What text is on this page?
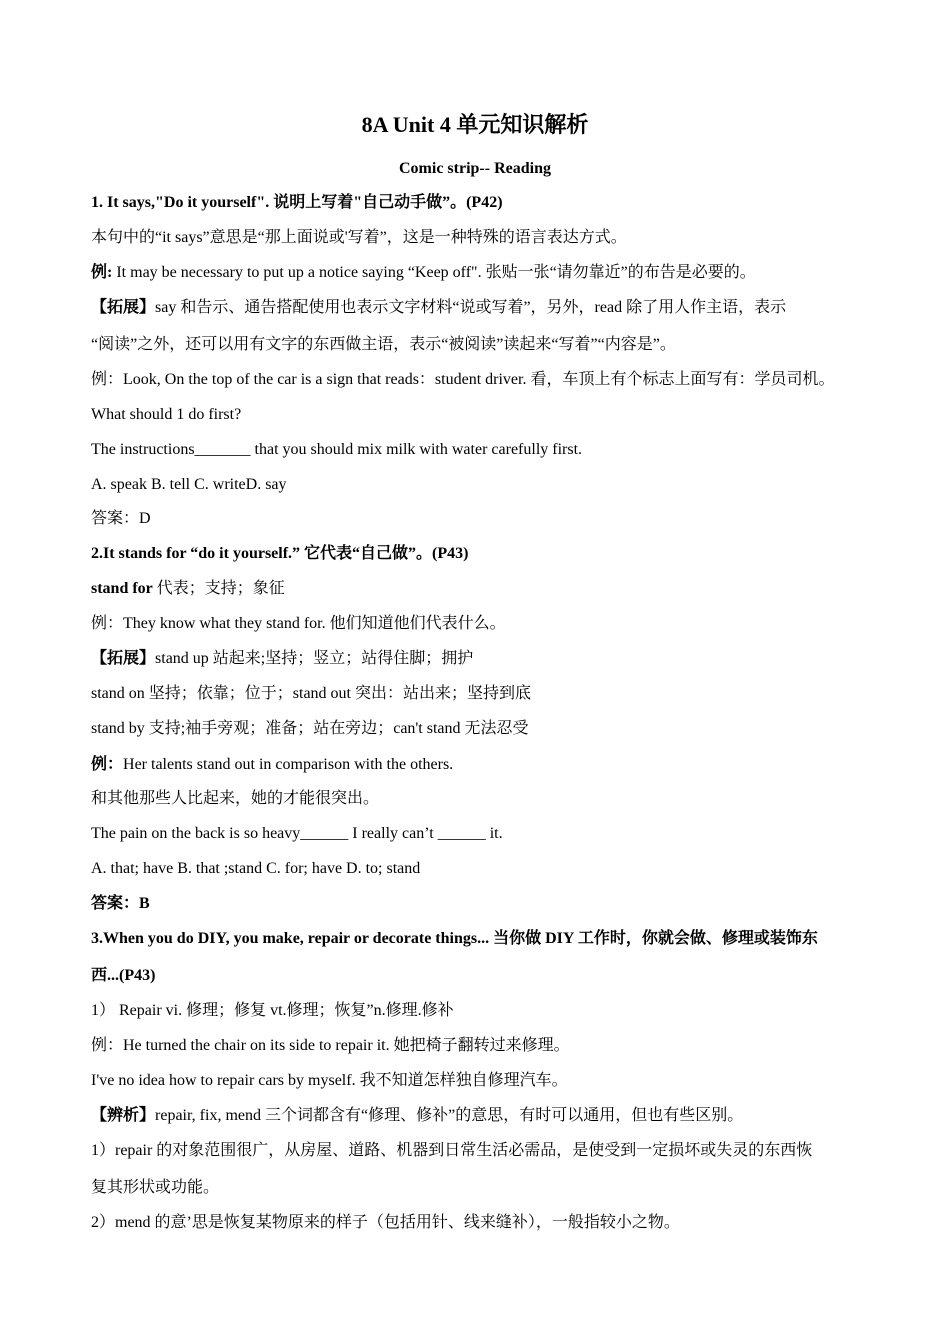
8A Unit 4 单元知识解析
Comic strip-- Reading
1. It says,"Do it yourself". 说明上写着"自己动手做”。(P42)
本句中的“it says”意思是“那上面说或'写着”，这是一种特殊的语言表达方式。
例: It may be necessary to put up a notice saying “Keep off". 张贴一张“请勿靠近”的布告是必要的。
【拓展】say 和告示、通告搭配使用也表示文字材料“说或写着”，另外，read 除了用人作主语，表示
“阅读”之外，还可以用有文字的东西做主语，表示“被阅读”读起来“写着”“内容是”。
例：Look, On the top of the car is a sign that reads：student driver. 看，车顶上有个标志上面写有：学员司机。
What should 1 do first?
The instructions_______ that you should mix milk with water carefully first.
A. speak B. tell C. writeD. say
答案：D
2.It stands for “do it yourself.” 它代表“自己做”。(P43)
stand for 代表；支持；象征
例：They know what they stand for. 他们知道他们代表什么。
【拓展】stand up 站起来;坚持；竖立；站得住脚；拥护
stand on 坚持；依靠；位于；stand out 突出：站出来；坚持到底
stand by 支持;袖手旁观；准备；站在旁边；can't stand 无法忍受
例：Her talents stand out in comparison with the others.
和其他那些人比起来，她的才能很突出。
The pain on the back is so heavy______ I really can’t ______ it.
A. that; have B. that ;stand C. for; have D. to; stand
答案：B
3.When you do DIY, you make, repair or decorate things... 当你做 DIY 工作时，你就会做、修理或装饰东
西...(P43)
1） Repair vi. 修理；修复 vt.修理；恢复”n.修理.修补
例：He turned the chair on its side to repair it. 她把椅子翻转过来修理。
I've no idea how to repair cars by myself. 我不知道怎样独自修理汽车。
【辨析】repair, fix, mend 三个词都含有“修理、修补”的意思，有时可以通用，但也有些区别。
1）repair 的对象范围很广，从房屋、道路、机器到日常生活必需品，是使受到一定损坏或失灵的东西恢
复其形状或功能。
2）mend 的意’思是恢复某物原来的样子（包括用针、线来缝补），一般指较小之物。
